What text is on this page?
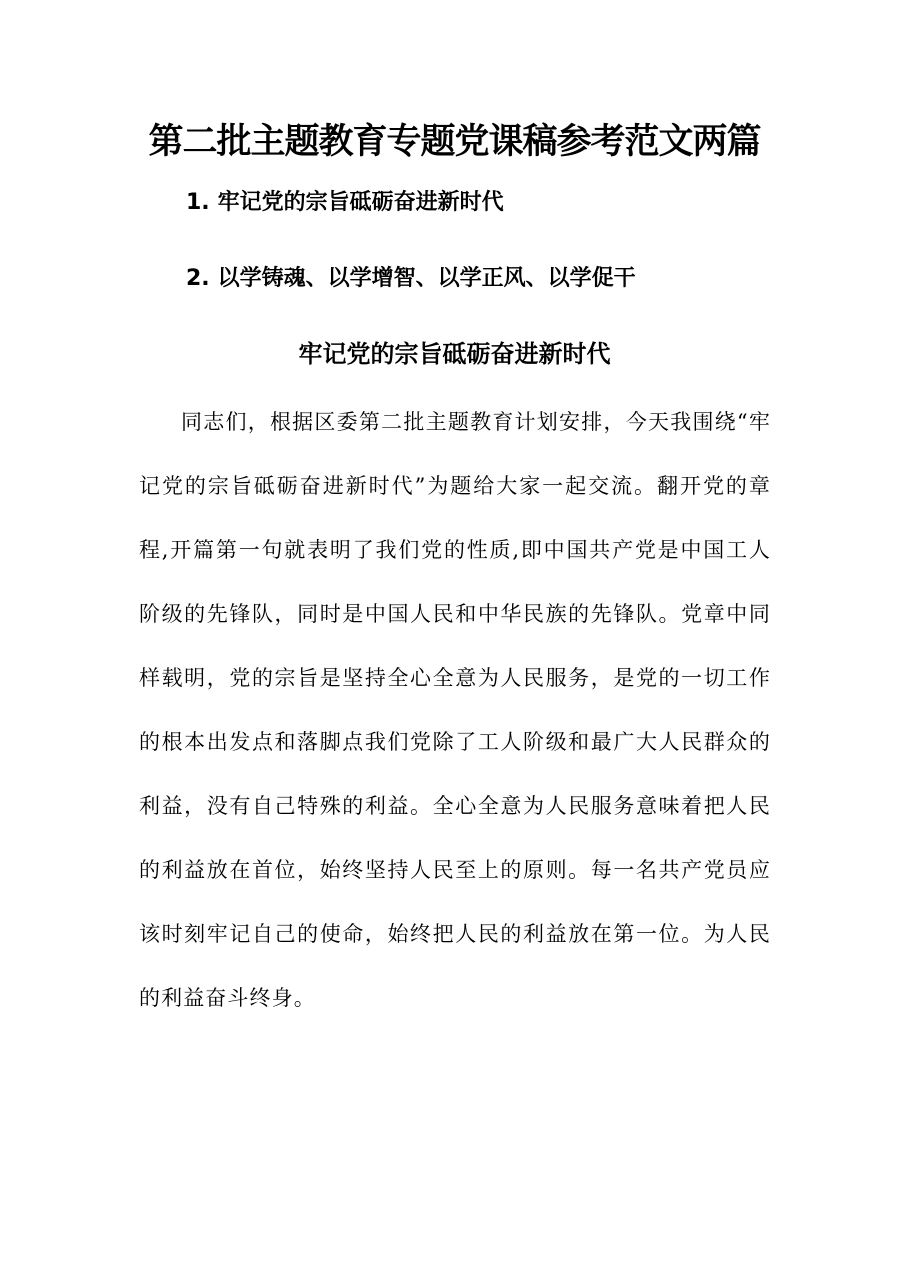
第二批主题教育专题党课稿参考范文两篇
1. 牢记党的宗旨砥砺奋进新时代
2. 以学铸魂、以学增智、以学正风、以学促干
牢记党的宗旨砥砺奋进新时代

同志们，根据区委第二批主题教育计划安排，今天我围绕“牢记党的宗旨砥砺奋进新时代”为题给大家一起交流。翻开党的章程,开篇第一句就表明了我们党的性质,即中国共产党是中国工人阶级的先锋队，同时是中国人民和中华民族的先锋队。党章中同样载明，党的宗旨是坚持全心全意为人民服务，是党的一切工作的根本出发点和落脚点我们党除了工人阶级和最广大人民群众的利益，没有自己特殊的利益。全心全意为人民服务意味着把人民的利益放在首位，始终坚持人民至上的原则。每一名共产党员应该时刻牢记自己的使命，始终把人民的利益放在第一位。为人民的利益奋斗终身。
